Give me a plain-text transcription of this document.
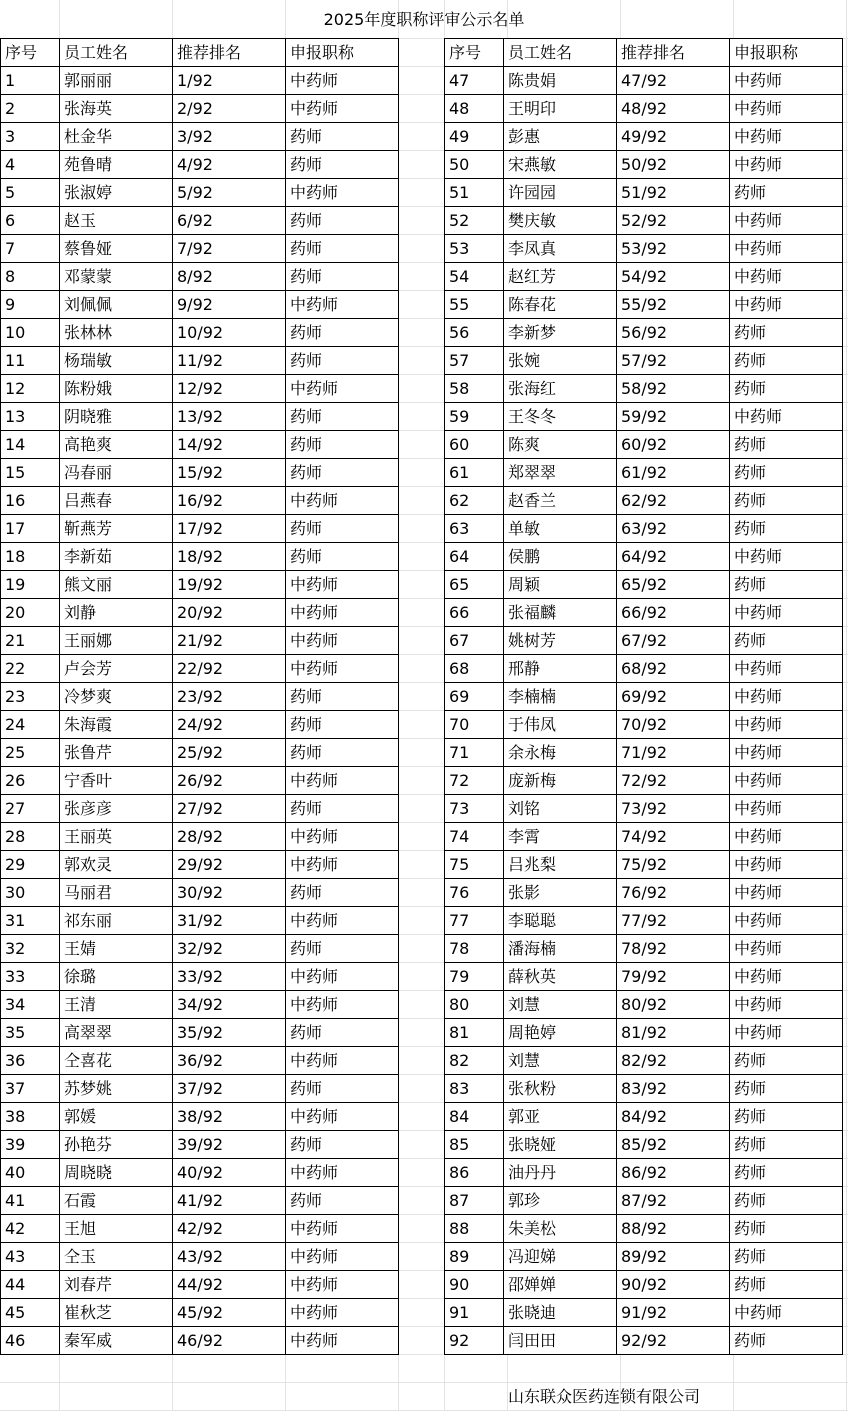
2025年度职称评审公示名单
序号	员工姓名	推荐排名	申报职称
1	郭丽丽	1/92	中药师
2	张海英	2/92	中药师
3	杜金华	3/92	药师
4	苑鲁晴	4/92	药师
5	张淑婷	5/92	中药师
6	赵玉	6/92	药师
7	蔡鲁娅	7/92	药师
8	邓蒙蒙	8/92	药师
9	刘佩佩	9/92	中药师
10	张林林	10/92	药师
11	杨瑞敏	11/92	药师
12	陈粉娥	12/92	中药师
13	阴晓雅	13/92	药师
14	高艳爽	14/92	药师
15	冯春丽	15/92	药师
16	吕燕春	16/92	中药师
17	靳燕芳	17/92	药师
18	李新茹	18/92	药师
19	熊文丽	19/92	中药师
20	刘静	20/92	中药师
21	王丽娜	21/92	中药师
22	卢会芳	22/92	中药师
23	冷梦爽	23/92	药师
24	朱海霞	24/92	药师
25	张鲁芹	25/92	药师
26	宁香叶	26/92	中药师
27	张彦彦	27/92	药师
28	王丽英	28/92	中药师
29	郭欢灵	29/92	中药师
30	马丽君	30/92	药师
31	祁东丽	31/92	中药师
32	王婧	32/92	药师
33	徐璐	33/92	中药师
34	王清	34/92	中药师
35	高翠翠	35/92	药师
36	仝喜花	36/92	中药师
37	苏梦姚	37/92	药师
38	郭媛	38/92	中药师
39	孙艳芬	39/92	药师
40	周晓晓	40/92	中药师
41	石霞	41/92	药师
42	王旭	42/92	中药师
43	仝玉	43/92	中药师
44	刘春芹	44/92	中药师
45	崔秋芝	45/92	中药师
46	秦军威	46/92	中药师
序号	员工姓名	推荐排名	申报职称
47	陈贵娟	47/92	中药师
48	王明印	48/92	中药师
49	彭惠	49/92	中药师
50	宋燕敏	50/92	中药师
51	许园园	51/92	药师
52	樊庆敏	52/92	中药师
53	李凤真	53/92	中药师
54	赵红芳	54/92	中药师
55	陈春花	55/92	中药师
56	李新梦	56/92	药师
57	张婉	57/92	药师
58	张海红	58/92	药师
59	王冬冬	59/92	中药师
60	陈爽	60/92	药师
61	郑翠翠	61/92	药师
62	赵香兰	62/92	药师
63	单敏	63/92	药师
64	侯鹏	64/92	中药师
65	周颖	65/92	药师
66	张福麟	66/92	中药师
67	姚树芳	67/92	药师
68	邢静	68/92	中药师
69	李楠楠	69/92	中药师
70	于伟凤	70/92	中药师
71	余永梅	71/92	中药师
72	庞新梅	72/92	中药师
73	刘铭	73/92	中药师
74	李霄	74/92	中药师
75	吕兆梨	75/92	中药师
76	张影	76/92	中药师
77	李聪聪	77/92	中药师
78	潘海楠	78/92	中药师
79	薛秋英	79/92	中药师
80	刘慧	80/92	中药师
81	周艳婷	81/92	中药师
82	刘慧	82/92	药师
83	张秋粉	83/92	药师
84	郭亚	84/92	药师
85	张晓娅	85/92	药师
86	油丹丹	86/92	药师
87	郭珍	87/92	药师
88	朱美松	88/92	药师
89	冯迎娣	89/92	药师
90	邵婵婵	90/92	药师
91	张晓迪	91/92	中药师
92	闫田田	92/92	药师
山东联众医药连锁有限公司
